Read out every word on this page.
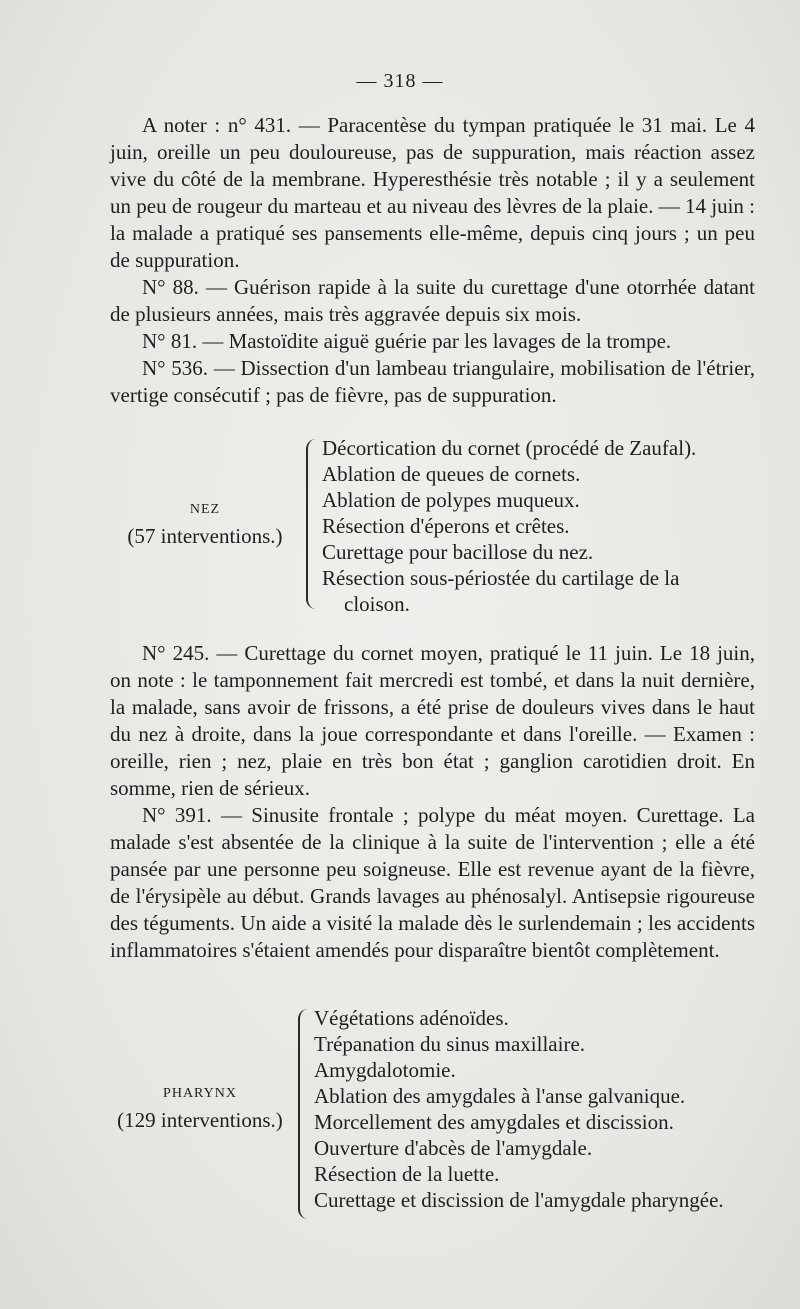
— 318 —

A noter : n° 431. — Paracentèse du tympan pratiquée le 31 mai. Le 4 juin, oreille un peu douloureuse, pas de suppuration, mais réaction assez vive du côté de la membrane. Hyperesthésie très notable ; il y a seulement un peu de rougeur du marteau et au niveau des lèvres de la plaie. — 14 juin : la malade a pratiqué ses pansements elle-même, depuis cinq jours ; un peu de suppuration.

N° 88. — Guérison rapide à la suite du curettage d'une otorrhée datant de plusieurs années, mais très aggravée depuis six mois.

N° 81. — Mastoïdite aiguë guérie par les lavages de la trompe.

N° 536. — Dissection d'un lambeau triangulaire, mobilisation de l'étrier, vertige consécutif ; pas de fièvre, pas de suppuration.

NEZ
(57 interventions.)
Décortication du cornet (procédé de Zaufal).
Ablation de queues de cornets.
Ablation de polypes muqueux.
Résection d'éperons et crêtes.
Curettage pour bacillose du nez.
Résection sous-périostée du cartilage de la
cloison.

N° 245. — Curettage du cornet moyen, pratiqué le 11 juin. Le 18 juin, on note : le tamponnement fait mercredi est tombé, et dans la nuit dernière, la malade, sans avoir de frissons, a été prise de douleurs vives dans le haut du nez à droite, dans la joue correspondante et dans l'oreille. — Examen : oreille, rien ; nez, plaie en très bon état ; ganglion carotidien droit. En somme, rien de sérieux.

N° 391. — Sinusite frontale ; polype du méat moyen. Curettage. La malade s'est absentée de la clinique à la suite de l'intervention ; elle a été pansée par une personne peu soigneuse. Elle est revenue ayant de la fièvre, de l'érysipèle au début. Grands lavages au phénosalyl. Antisepsie rigoureuse des téguments. Un aide a visité la malade dès le surlendemain ; les accidents inflammatoires s'étaient amendés pour disparaître bientôt complètement.

PHARYNX
(129 interventions.)
Végétations adénoïdes.
Trépanation du sinus maxillaire.
Amygdalotomie.
Ablation des amygdales à l'anse galvanique.
Morcellement des amygdales et discission.
Ouverture d'abcès de l'amygdale.
Résection de la luette.
Curettage et discission de l'amygdale pharyngée.
